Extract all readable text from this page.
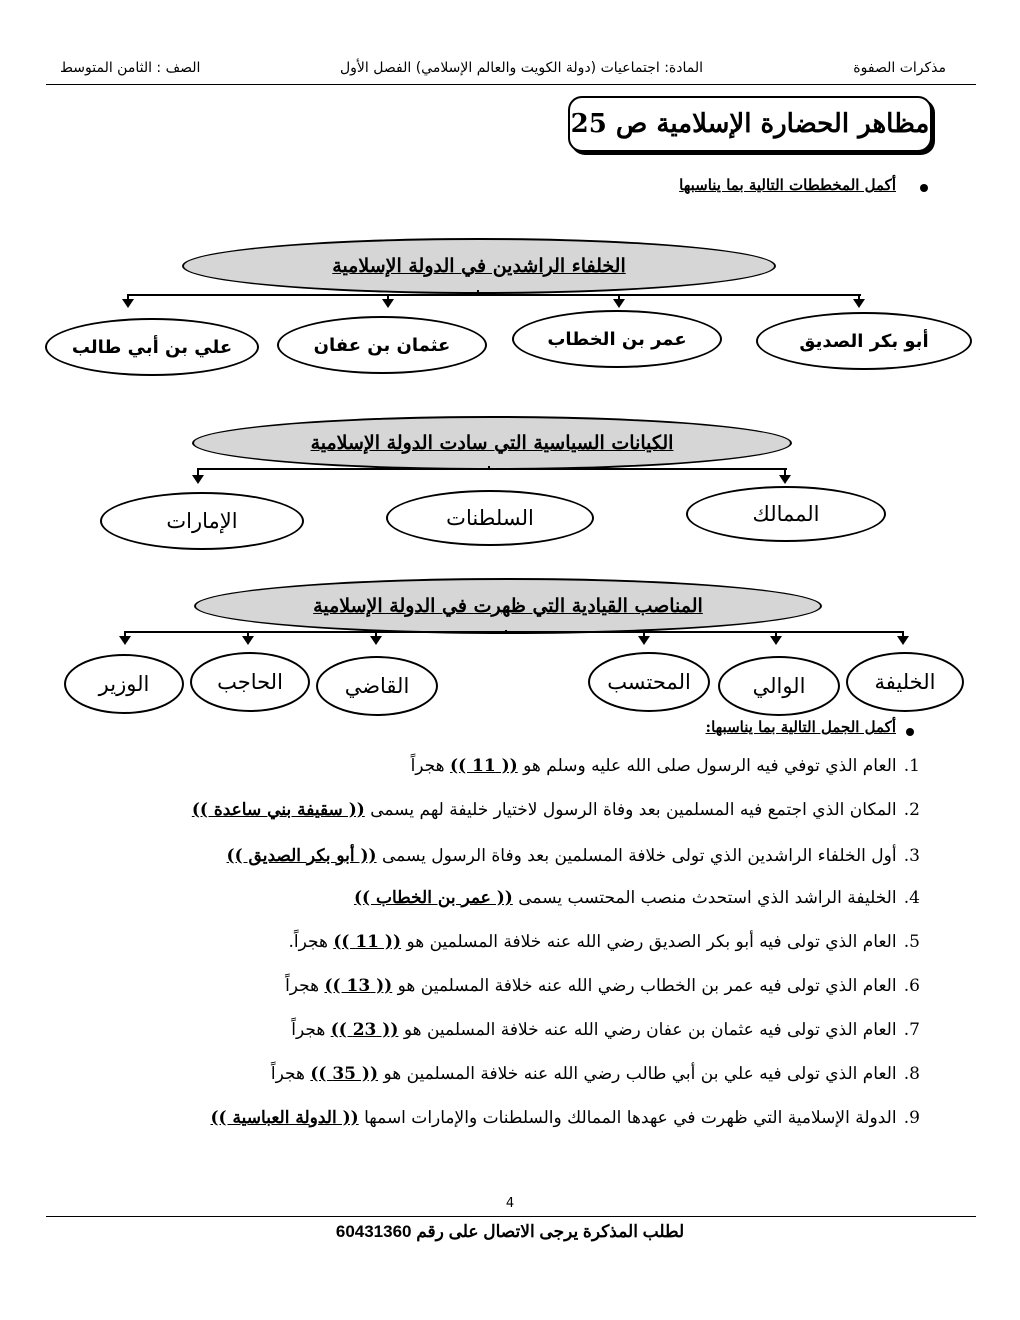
مذكرات الصفوة
المادة: اجتماعيات (دولة الكويت والعالم الإسلامي) الفصل الأول
الصف : الثامن المتوسط
مظاهر الحضارة الإسلامية ص 25
أكمل المخططات التالية بما يناسبها
الخلفاء الراشدين في الدولة الإسلامية
أبو بكر الصديق
عمر بن الخطاب
عثمان بن عفان
علي بن أبي طالب
الكيانات السياسية التي سادت الدولة الإسلامية
الممالك
السلطنات
الإمارات
المناصب القيادية التي ظهرت في الدولة الإسلامية
الخليفة
الوالي
المحتسب
القاضي
الحاجب
الوزير
أكمل الجمل التالية بما يناسبها:
1. العام الذي توفي فيه الرسول صلى الله عليه وسلم هو (( 11 )) هجراً
2. المكان الذي اجتمع فيه المسلمين بعد وفاة الرسول لاختيار خليفة لهم يسمى (( سقيفة بني ساعدة ))
3. أول الخلفاء الراشدين الذي تولى خلافة المسلمين بعد وفاة الرسول يسمى (( أبو بكر الصديق ))
4. الخليفة الراشد الذي استحدث منصب المحتسب يسمى (( عمر بن الخطاب ))
5. العام الذي تولى فيه أبو بكر الصديق رضي الله عنه خلافة المسلمين هو (( 11 )) هجراً.
6. العام الذي تولى فيه عمر بن الخطاب رضي الله عنه خلافة المسلمين هو (( 13 )) هجراً
7. العام الذي تولى فيه عثمان بن عفان رضي الله عنه خلافة المسلمين هو (( 23 )) هجراً
8. العام الذي تولى فيه علي بن أبي طالب رضي الله عنه خلافة المسلمين هو (( 35 )) هجراً
9. الدولة الإسلامية التي ظهرت في عهدها الممالك والسلطنات والإمارات اسمها (( الدولة العباسية ))
4
لطلب المذكرة يرجى الاتصال على رقم 60431360
